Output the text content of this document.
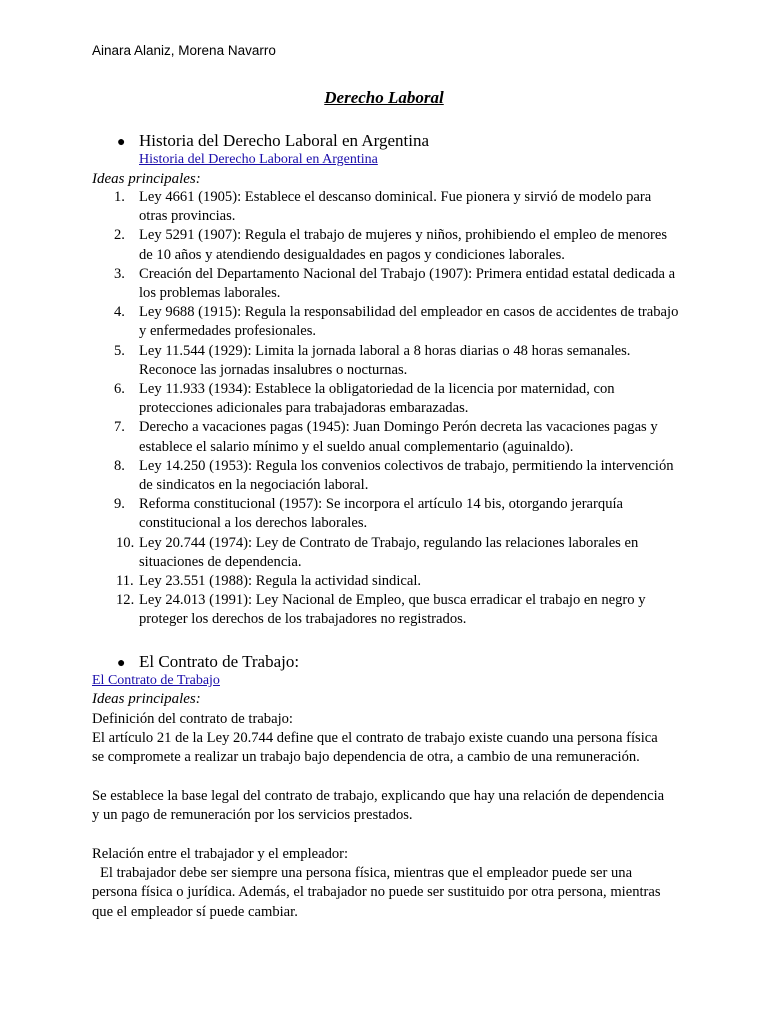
Ainara Alaniz, Morena Navarro
Derecho Laboral
● Historia del Derecho Laboral en Argentina
Historia del Derecho Laboral en Argentina
Ideas principales:
1. Ley 4661 (1905): Establece el descanso dominical. Fue pionera y sirvió de modelo para otras provincias.
2. Ley 5291 (1907): Regula el trabajo de mujeres y niños, prohibiendo el empleo de menores de 10 años y atendiendo desigualdades en pagos y condiciones laborales.
3. Creación del Departamento Nacional del Trabajo (1907): Primera entidad estatal dedicada a los problemas laborales.
4. Ley 9688 (1915): Regula la responsabilidad del empleador en casos de accidentes de trabajo y enfermedades profesionales.
5. Ley 11.544 (1929): Limita la jornada laboral a 8 horas diarias o 48 horas semanales. Reconoce las jornadas insalubres o nocturnas.
6. Ley 11.933 (1934): Establece la obligatoriedad de la licencia por maternidad, con protecciones adicionales para trabajadoras embarazadas.
7. Derecho a vacaciones pagas (1945): Juan Domingo Perón decreta las vacaciones pagas y establece el salario mínimo y el sueldo anual complementario (aguinaldo).
8. Ley 14.250 (1953): Regula los convenios colectivos de trabajo, permitiendo la intervención de sindicatos en la negociación laboral.
9. Reforma constitucional (1957): Se incorpora el artículo 14 bis, otorgando jerarquía constitucional a los derechos laborales.
10. Ley 20.744 (1974): Ley de Contrato de Trabajo, regulando las relaciones laborales en situaciones de dependencia.
11. Ley 23.551 (1988): Regula la actividad sindical.
12. Ley 24.013 (1991): Ley Nacional de Empleo, que busca erradicar el trabajo en negro y proteger los derechos de los trabajadores no registrados.
● El Contrato de Trabajo:
El Contrato de Trabajo
Ideas principales:
Definición del contrato de trabajo:
El artículo 21 de la Ley 20.744 define que el contrato de trabajo existe cuando una persona física se compromete a realizar un trabajo bajo dependencia de otra, a cambio de una remuneración.
Se establece la base legal del contrato de trabajo, explicando que hay una relación de dependencia y un pago de remuneración por los servicios prestados.
Relación entre el trabajador y el empleador:
El trabajador debe ser siempre una persona física, mientras que el empleador puede ser una persona física o jurídica. Además, el trabajador no puede ser sustituido por otra persona, mientras que el empleador sí puede cambiar.
